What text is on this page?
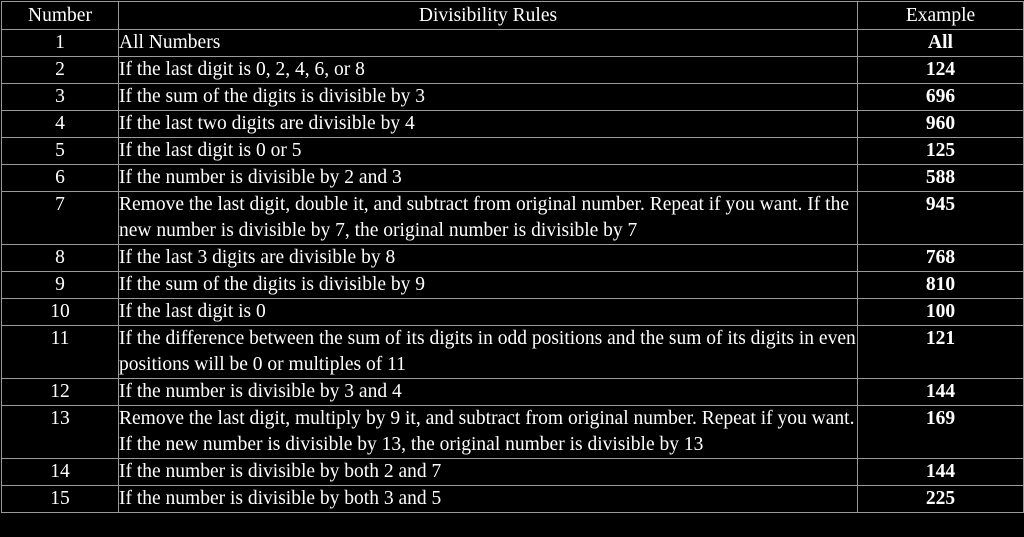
Number	Divisibility Rules	Example
1	All Numbers	All
2	If the last digit is 0, 2, 4, 6, or 8	124
3	If the sum of the digits is divisible by 3	696
4	If the last two digits are divisible by 4	960
5	If the last digit is 0 or 5	125
6	If the number is divisible by 2 and 3	588
7	Remove the last digit, double it, and subtract from original number. Repeat if you want. If the new number is divisible by 7, the original number is divisible by 7	945
8	If the last 3 digits are divisible by 8	768
9	If the sum of the digits is divisible by 9	810
10	If the last digit is 0	100
11	If the difference between the sum of its digits in odd positions and the sum of its digits in even positions will be 0 or multiples of 11	121
12	If the number is divisible by 3 and 4	144
13	Remove the last digit, multiply by 9 it, and subtract from original number. Repeat if you want. If the new number is divisible by 13, the original number is divisible by 13	169
14	If the number is divisible by both 2 and 7	144
15	If the number is divisible by both 3 and 5	225
